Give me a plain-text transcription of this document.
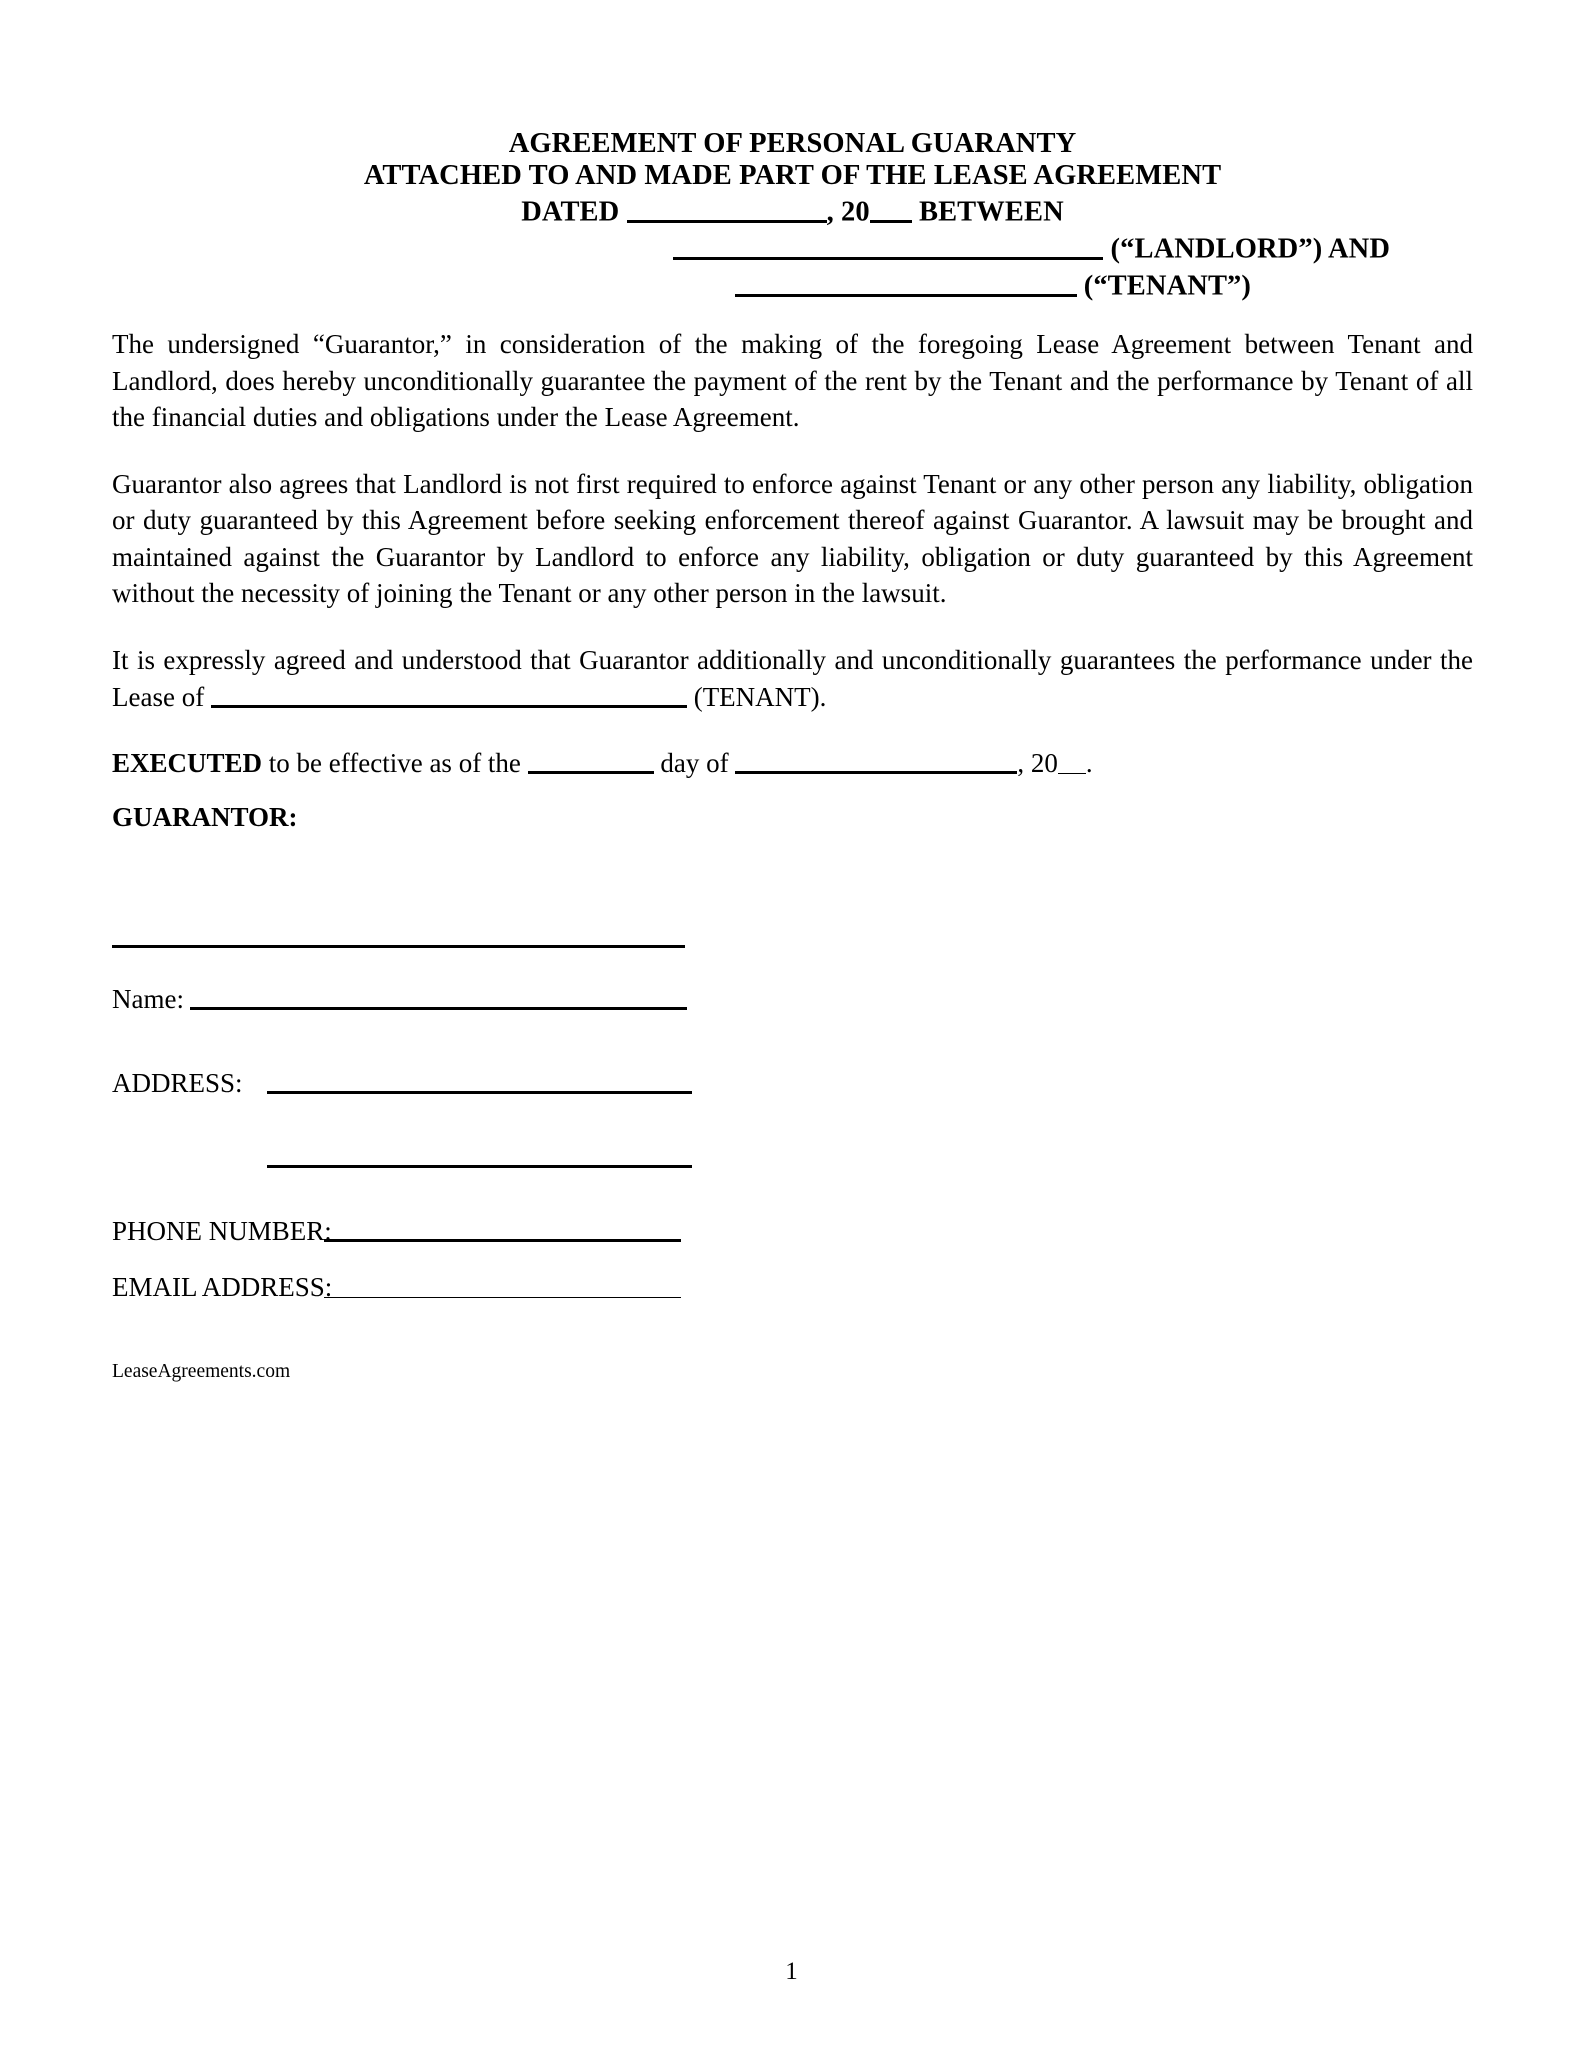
AGREEMENT OF PERSONAL GUARANTY
ATTACHED TO AND MADE PART OF THE LEASE AGREEMENT
DATED	, 20 BETWEEN
(“LANDLORD”) AND
(“TENANT”)

The undersigned “Guarantor,” in consideration of the making of the foregoing Lease Agreement between Tenant and Landlord, does hereby unconditionally guarantee the payment of the rent by the Tenant and the performance by Tenant of all the financial duties and obligations under the Lease Agreement.

Guarantor also agrees that Landlord is not first required to enforce against Tenant or any other person any liability, obligation or duty guaranteed by this Agreement before seeking enforcement thereof against Guarantor. A lawsuit may be brought and maintained against the Guarantor by Landlord to enforce any liability, obligation or duty guaranteed by this Agreement without the necessity of joining the Tenant or any other person in the lawsuit.

It is expressly agreed and understood that Guarantor additionally and unconditionally guarantees the performance under the Lease of	(TENANT).

EXECUTED to be effective as of the	day of	, 20 .

GUARANTOR:

Name:
ADDRESS:
PHONE NUMBER:
EMAIL ADDRESS:

LeaseAgreements.com

1
